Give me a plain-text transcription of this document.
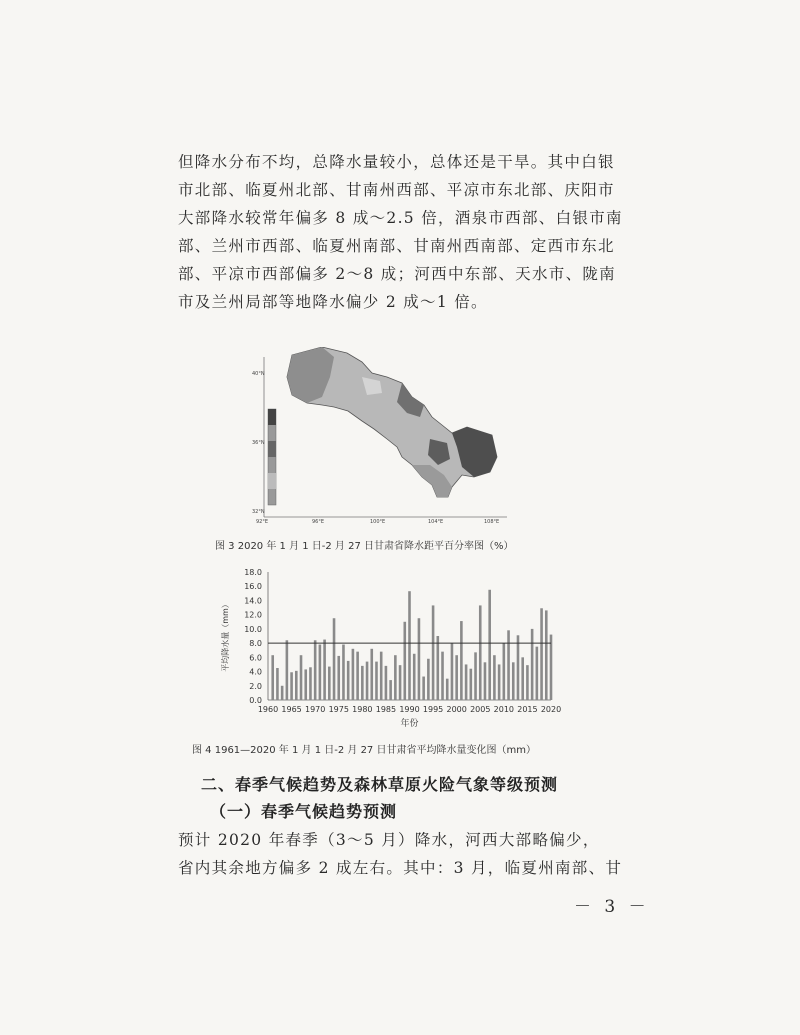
但降水分布不均，总降水量较小，总体还是干旱。其中白银
市北部、临夏州北部、甘南州西部、平凉市东北部、庆阳市
大部降水较常年偏多 8 成～2.5 倍，酒泉市西部、白银市南
部、兰州市西部、临夏州南部、甘南州西南部、定西市东北
部、平凉市西部偏多 2～8 成；河西中东部、天水市、陇南
市及兰州局部等地降水偏少 2 成～1 倍。
40°N
36°N
32°N
92°E	96°E	100°E	104°E	108°E
图 3 2020 年 1 月 1 日-2 月 27 日甘肃省降水距平百分率图（%）
0.0
2.0
4.0
6.0
8.0
10.0
12.0
14.0
16.0
18.0
1960 1965 1970 1975 1980 1985 1990 1995 2000 2005 2010 2015 2020
平均降水量（mm）
年份
图 4 1961—2020 年 1 月 1 日-2 月 27 日甘肃省平均降水量变化图（mm）
二、春季气候趋势及森林草原火险气象等级预测
（一）春季气候趋势预测
预计 2020 年春季（3～5 月）降水，河西大部略偏少，
省内其余地方偏多 2 成左右。其中：3 月，临夏州南部、甘
－ 3 －
